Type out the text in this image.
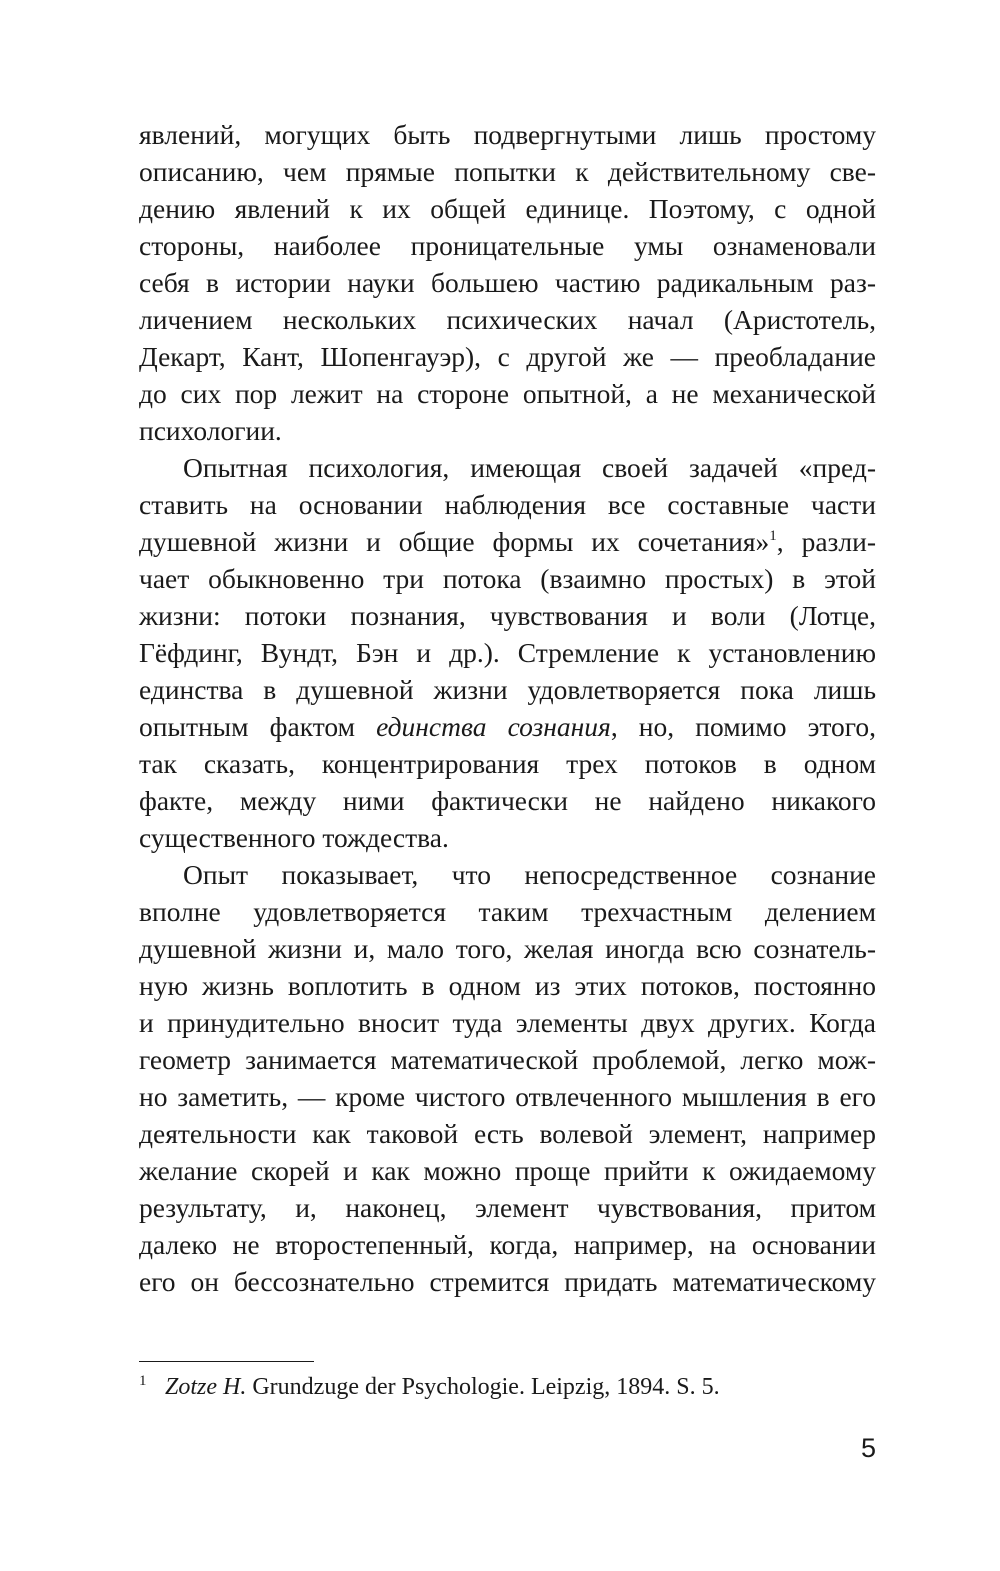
явлений, могущих быть подвергнутыми лишь простому
описанию, чем прямые попытки к действительному све-
дению явлений к их общей единице. Поэтому, с одной
стороны, наиболее проницательные умы ознаменовали
себя в истории науки большею частию радикальным раз-
личением нескольких психических начал (Аристотель,
Декарт, Кант, Шопенгауэр), с другой же — преобладание
до сих пор лежит на стороне опытной, а не механической
психологии.
Опытная психология, имеющая своей задачей «пред-
ставить на основании наблюдения все составные части
душевной жизни и общие формы их сочетания»$^1$, разли-
чает обыкновенно три потока (взаимно простых) в этой
жизни: потоки познания, чувствования и воли (Лотце,
Гёфдинг, Вундт, Бэн и др.). Стремление к установлению
единства в душевной жизни удовлетворяется пока лишь
опытным фактом единства сознания, но, помимо этого,
так сказать, концентрирования трех потоков в одном
факте, между ними фактически не найдено никакого
существенного тождества.
Опыт показывает, что непосредственное сознание
вполне удовлетворяется таким трехчастным делением
душевной жизни и, мало того, желая иногда всю сознатель-
ную жизнь воплотить в одном из этих потоков, постоянно
и принудительно вносит туда элементы двух других. Когда
геометр занимается математической проблемой, легко мож-
но заметить, — кроме чистого отвлеченного мышления в его
деятельности как таковой есть волевой элемент, например
желание скорей и как можно проще прийти к ожидаемому
результату, и, наконец, элемент чувствования, притом
далеко не второстепенный, когда, например, на основании
его он бессознательно стремится придать математическому
1 Zotze H. Grundzuge der Psychologie. Leipzig, 1894. S. 5.
5
